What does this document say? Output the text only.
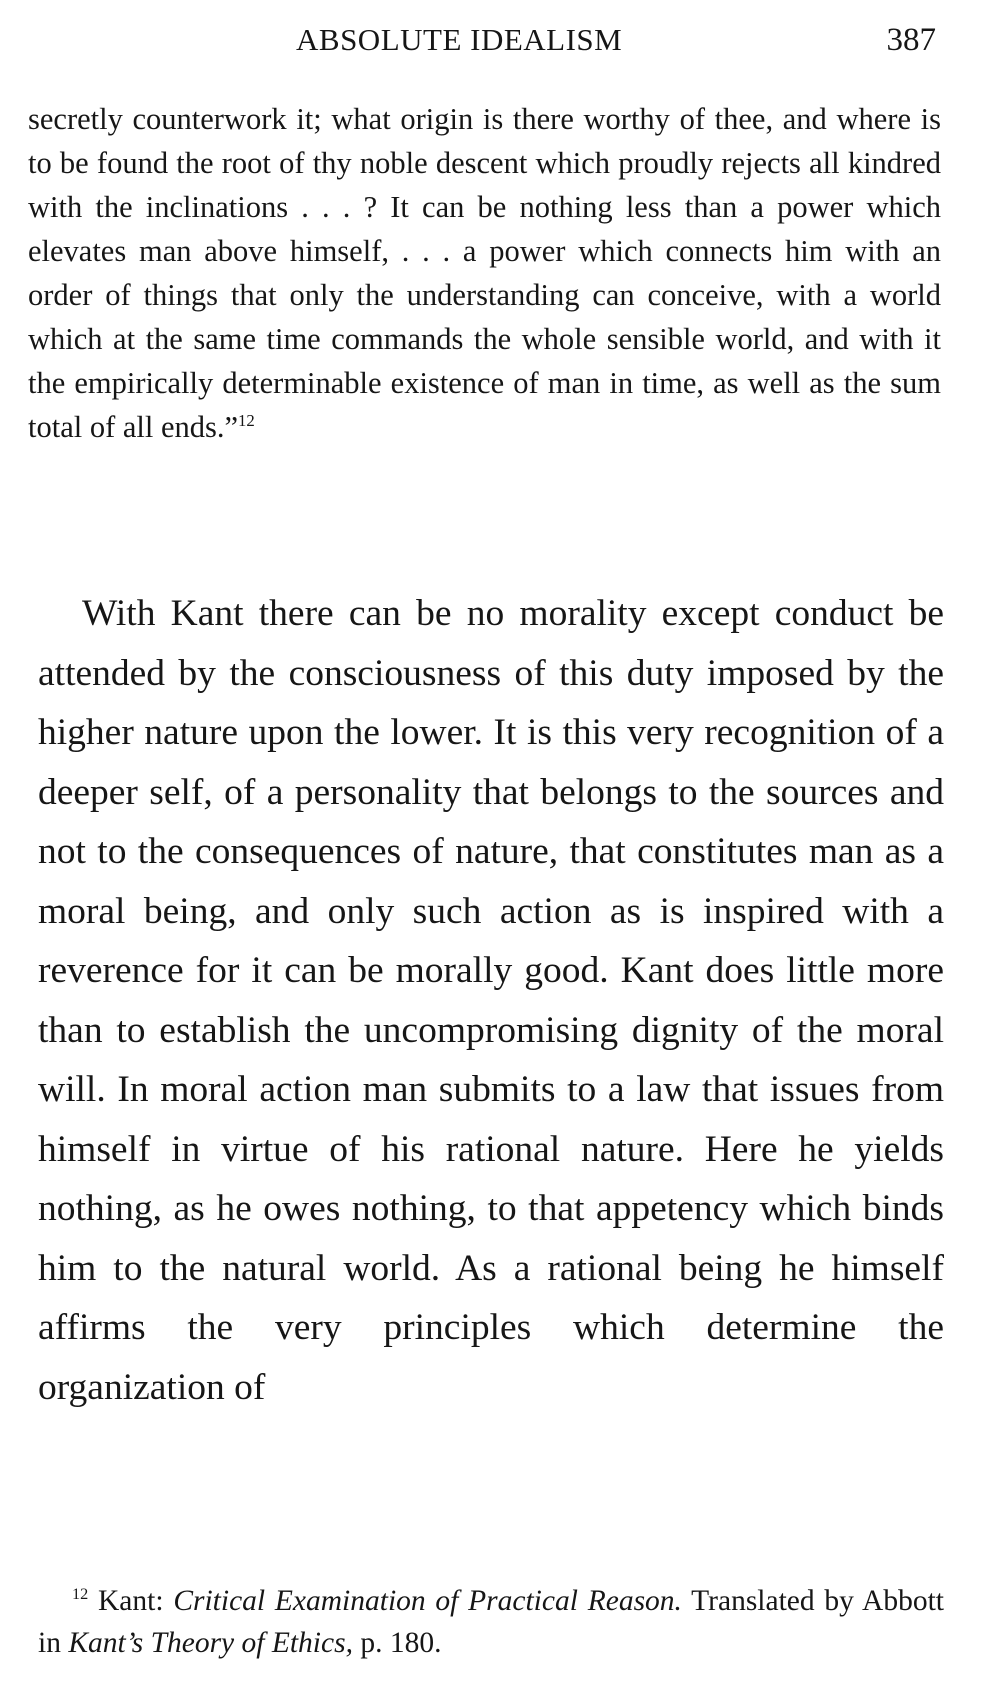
ABSOLUTE IDEALISM	387
secretly counterwork it; what origin is there worthy of thee, and where is to be found the root of thy noble descent which proudly rejects all kindred with the inclinations . . . ? It can be nothing less than a power which elevates man above himself, . . . a power which connects him with an order of things that only the understanding can conceive, with a world which at the same time commands the whole sensible world, and with it the empirically determinable existence of man in time, as well as the sum total of all ends.”$^{12}$
With Kant there can be no morality except conduct be attended by the consciousness of this duty imposed by the higher nature upon the lower. It is this very recognition of a deeper self, of a personality that belongs to the sources and not to the consequences of nature, that constitutes man as a moral being, and only such action as is inspired with a reverence for it can be morally good. Kant does little more than to establish the uncompromising dignity of the moral will. In moral action man submits to a law that issues from himself in virtue of his rational nature. Here he yields nothing, as he owes nothing, to that appetency which binds him to the natural world. As a rational being he himself affirms the very principles which determine the organization of
$^{12}$ Kant: Critical Examination of Practical Reason. Translated by Abbott in Kant’s Theory of Ethics, p. 180.
